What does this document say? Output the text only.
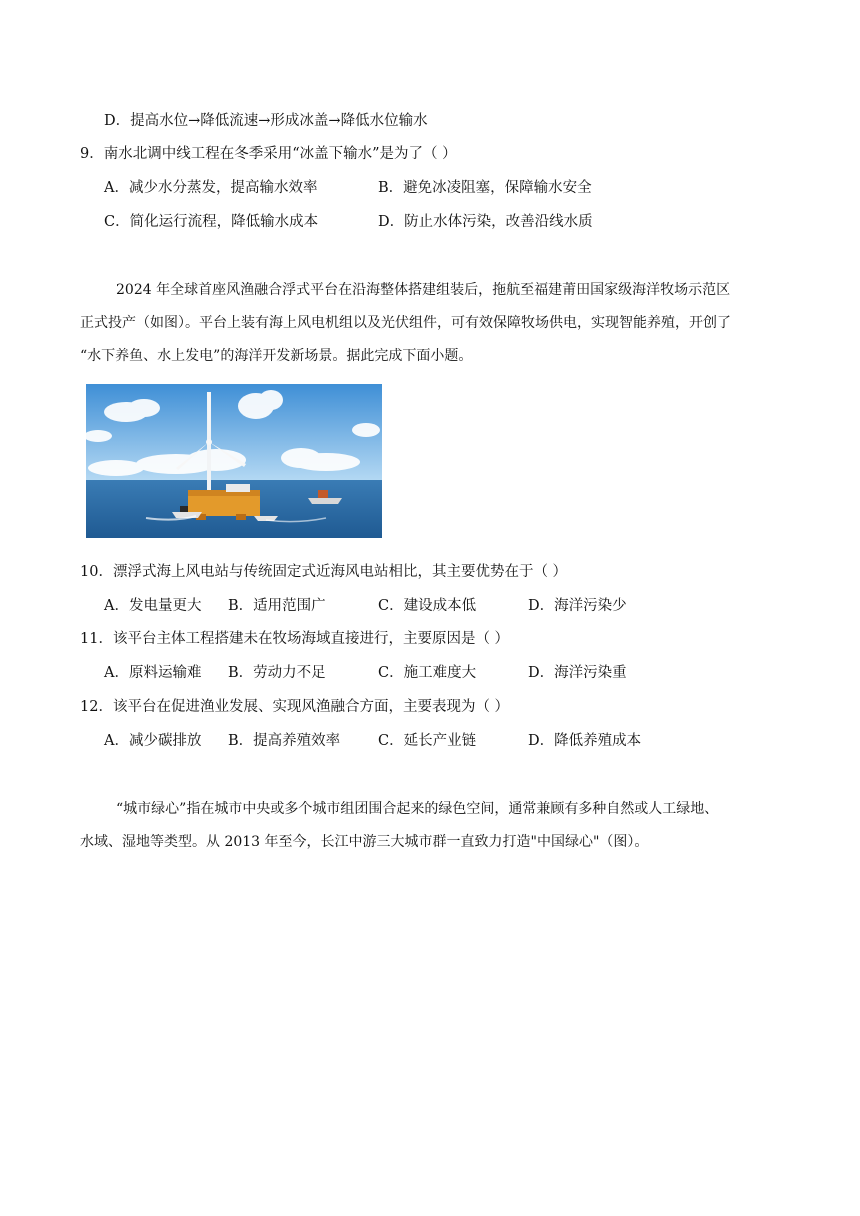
D．提高水位→降低流速→形成冰盖→降低水位输水
9．南水北调中线工程在冬季采用“冰盖下输水”是为了（ ）
A．减少水分蒸发，提高输水效率	B．避免冰凌阻塞，保障输水安全
C．简化运行流程，降低输水成本	D．防止水体污染，改善沿线水质
2024 年全球首座风渔融合浮式平台在沿海整体搭建组装后，拖航至福建莆田国家级海洋牧场示范区
正式投产（如图）。平台上装有海上风电机组以及光伏组件，可有效保障牧场供电，实现智能养殖，开创了
“水下养鱼、水上发电”的海洋开发新场景。据此完成下面小题。
10．漂浮式海上风电站与传统固定式近海风电站相比，其主要优势在于（ ）
A．发电量更大 B．适用范围广	C．建设成本低	D．海洋污染少
11．该平台主体工程搭建未在牧场海域直接进行，主要原因是（ ）
A．原料运输难 B．劳动力不足	C．施工难度大	D．海洋污染重
12．该平台在促进渔业发展、实现风渔融合方面，主要表现为（ ）
A．减少碳排放 B．提高养殖效率	C．延长产业链	D．降低养殖成本
“城市绿心”指在城市中央或多个城市组团围合起来的绿色空间，通常兼顾有多种自然或人工绿地、
水域、湿地等类型。从 2013 年至今，长江中游三大城市群一直致力打造"中国绿心"（图）。
